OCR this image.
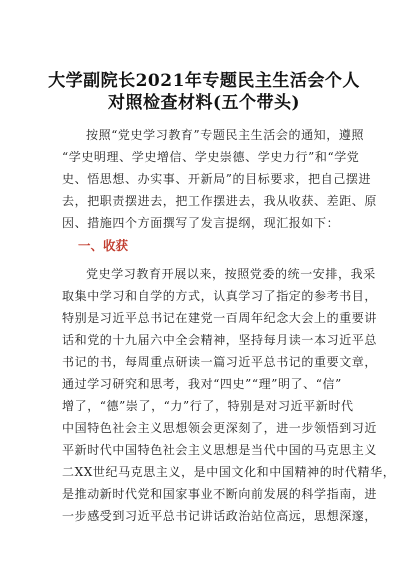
大学副院长2021年专题民主生活会个人
对照检查材料(五个带头)
按照“党史学习教育”专题民主生活会的通知，遵照
“学史明理、学史增信、学史崇德、学史力行”和“学党
史、悟思想、办实事、开新局”的目标要求，把自己摆进
去，把职责摆进去，把工作摆进去，我从收获、差距、原
因、措施四个方面撰写了发言提纲，现汇报如下：
一、收获
党史学习教育开展以来，按照党委的统一安排，我采
取集中学习和自学的方式，认真学习了指定的参考书目，
特别是习近平总书记在建党一百周年纪念大会上的重要讲
话和党的十九届六中全会精神，坚持每月读一本习近平总
书记的书，每周重点研读一篇习近平总书记的重要文章，
通过学习研究和思考，我对“四史”“理”明了、“信”
增了，“德”崇了，“力”行了，特别是对习近平新时代
中国特色社会主义思想领会更深刻了，进一步领悟到习近
平新时代中国特色社会主义思想是当代中国的马克思主义
二XX世纪马克思主义，是中国文化和中国精神的时代精华，
是推动新时代党和国家事业不断向前发展的科学指南，进
一步感受到习近平总书记讲话政治站位高远，思想深邃，
